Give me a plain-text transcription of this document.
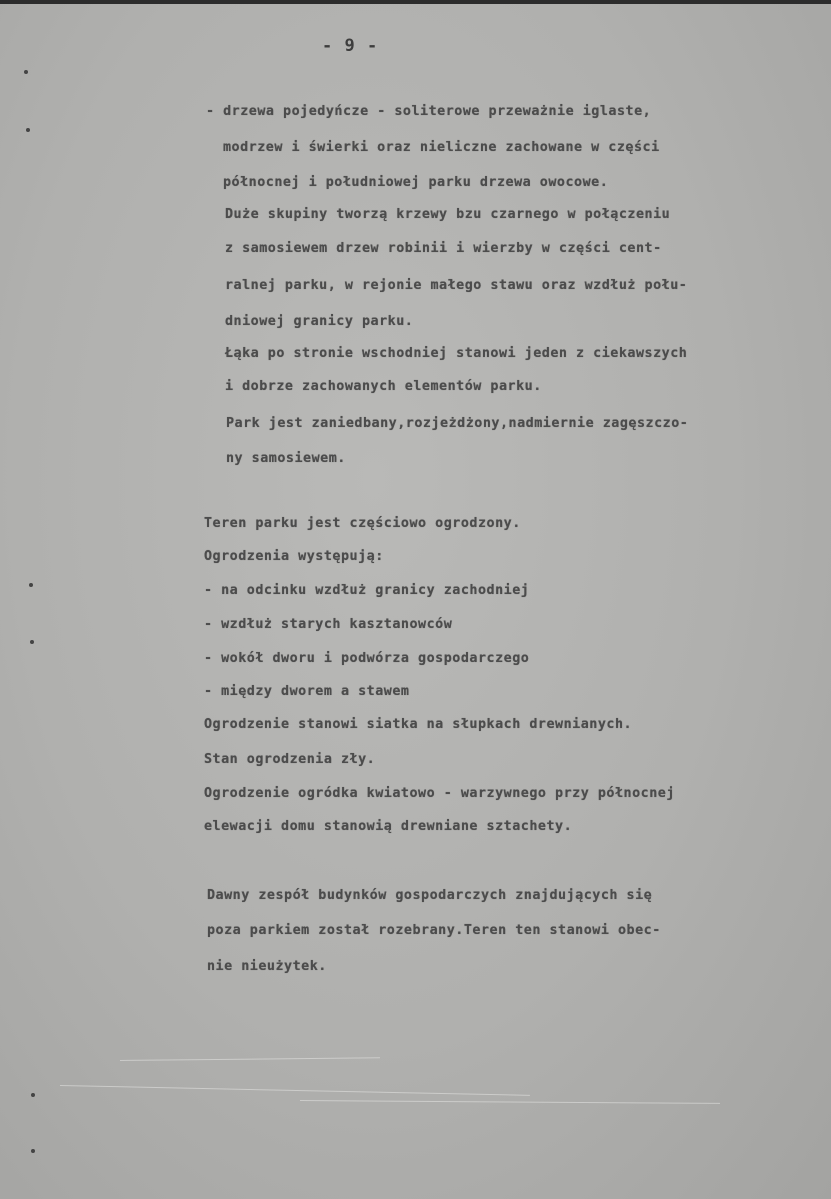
- 9 -
- drzewa pojedyńcze - soliterowe przeważnie iglaste,
modrzew i świerki oraz nieliczne zachowane w części
północnej i południowej parku drzewa owocowe.
Duże skupiny tworzą krzewy bzu czarnego w połączeniu
z samosiewem drzew robinii i wierzby w części cent-
ralnej parku, w rejonie małego stawu oraz wzdłuż połu-
dniowej granicy parku.
Łąka po stronie wschodniej stanowi jeden z ciekawszych
i dobrze zachowanych elementów parku.
Park jest zaniedbany,rozjeżdżony,nadmiernie zagęszczo-
ny samosiewem.
Teren parku jest częściowo ogrodzony.
Ogrodzenia występują:
- na odcinku wzdłuż granicy zachodniej
- wzdłuż starych kasztanowców
- wokół dworu i podwórza gospodarczego
- między dworem a stawem
Ogrodzenie stanowi siatka na słupkach drewnianych.
Stan ogrodzenia zły.
Ogrodzenie ogródka kwiatowo - warzywnego przy północnej
elewacji domu stanowią drewniane sztachety.
Dawny zespół budynków gospodarczych znajdujących się
poza parkiem został rozebrany.Teren ten stanowi obec-
nie nieużytek.
